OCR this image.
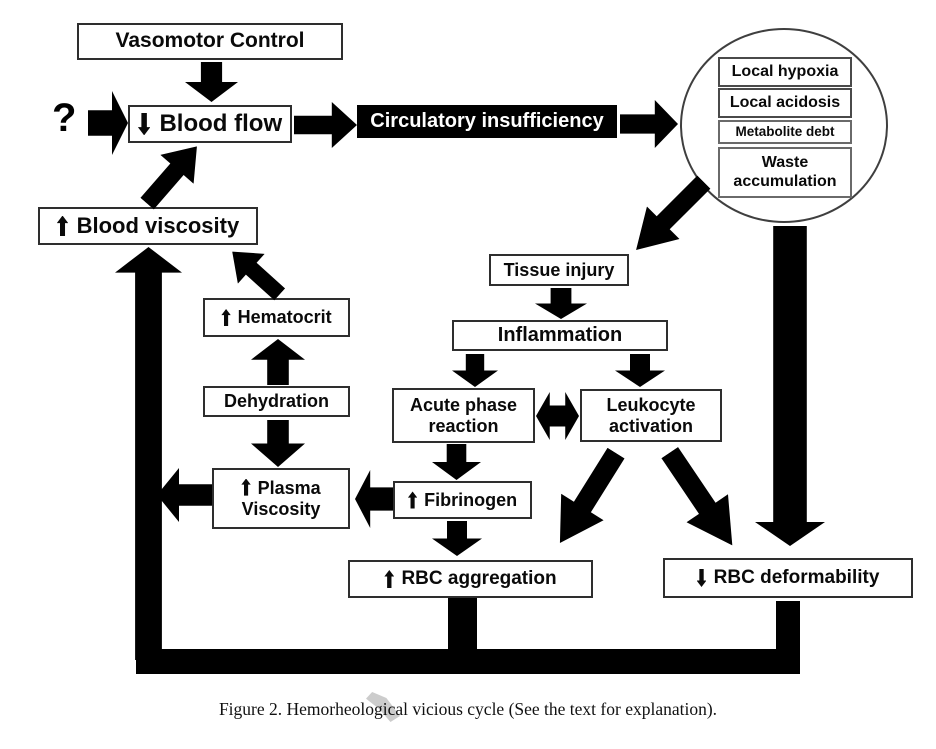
Vasomotor Control
?	Blood flow	Circulatory insufficiency
Local hypoxia
Local acidosis
Metabolite debt
Waste accumulation
Blood viscosity
Tissue injury
Inflammation
Acute phase reaction
Leukocyte activation
Hematocrit
Dehydration
Plasma Viscosity	Fibrinogen
RBC aggregation	RBC deformability
Figure 2. Hemorheological vicious cycle (See the text for explanation).
